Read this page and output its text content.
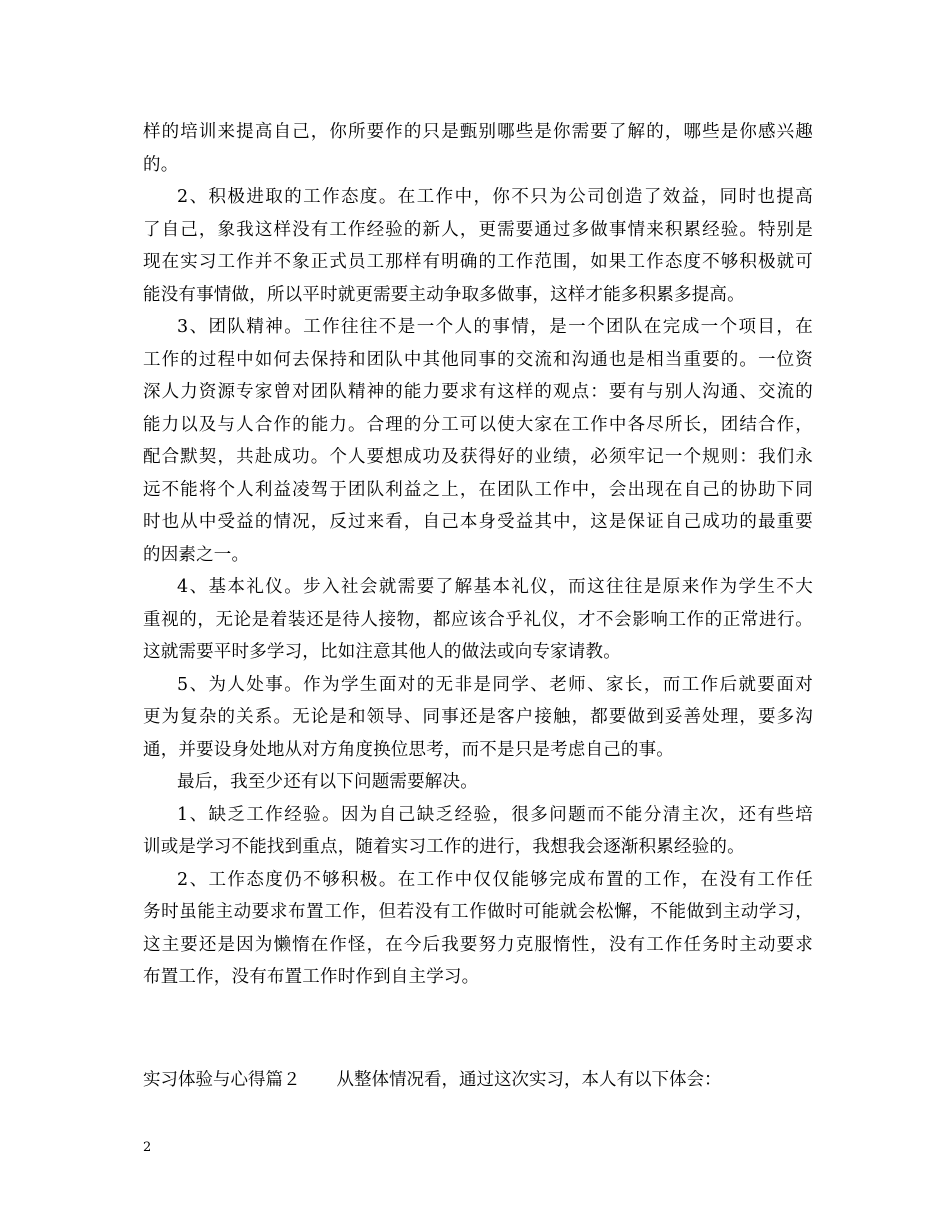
样的培训来提高自己，你所要作的只是甄别哪些是你需要了解的，哪些是你感兴趣
的。
2、积极进取的工作态度。在工作中，你不只为公司创造了效益，同时也提高
了自己，象我这样没有工作经验的新人，更需要通过多做事情来积累经验。特别是
现在实习工作并不象正式员工那样有明确的工作范围，如果工作态度不够积极就可
能没有事情做，所以平时就更需要主动争取多做事，这样才能多积累多提高。
3、团队精神。工作往往不是一个人的事情，是一个团队在完成一个项目，在
工作的过程中如何去保持和团队中其他同事的交流和沟通也是相当重要的。一位资
深人力资源专家曾对团队精神的能力要求有这样的观点：要有与别人沟通、交流的
能力以及与人合作的能力。合理的分工可以使大家在工作中各尽所长，团结合作，
配合默契，共赴成功。个人要想成功及获得好的业绩，必须牢记一个规则：我们永
远不能将个人利益凌驾于团队利益之上，在团队工作中，会出现在自己的协助下同
时也从中受益的情况，反过来看，自己本身受益其中，这是保证自己成功的最重要
的因素之一。
4、基本礼仪。步入社会就需要了解基本礼仪，而这往往是原来作为学生不大
重视的，无论是着装还是待人接物，都应该合乎礼仪，才不会影响工作的正常进行。
这就需要平时多学习，比如注意其他人的做法或向专家请教。
5、为人处事。作为学生面对的无非是同学、老师、家长，而工作后就要面对
更为复杂的关系。无论是和领导、同事还是客户接触，都要做到妥善处理，要多沟
通，并要设身处地从对方角度换位思考，而不是只是考虑自己的事。
最后，我至少还有以下问题需要解决。
1、缺乏工作经验。因为自己缺乏经验，很多问题而不能分清主次，还有些培
训或是学习不能找到重点，随着实习工作的进行，我想我会逐渐积累经验的。
2、工作态度仍不够积极。在工作中仅仅能够完成布置的工作，在没有工作任
务时虽能主动要求布置工作，但若没有工作做时可能就会松懈，不能做到主动学习，
这主要还是因为懒惰在作怪，在今后我要努力克服惰性，没有工作任务时主动要求
布置工作，没有布置工作时作到自主学习。
实习体验与心得篇２ 从整体情况看，通过这次实习，本人有以下体会：
2
